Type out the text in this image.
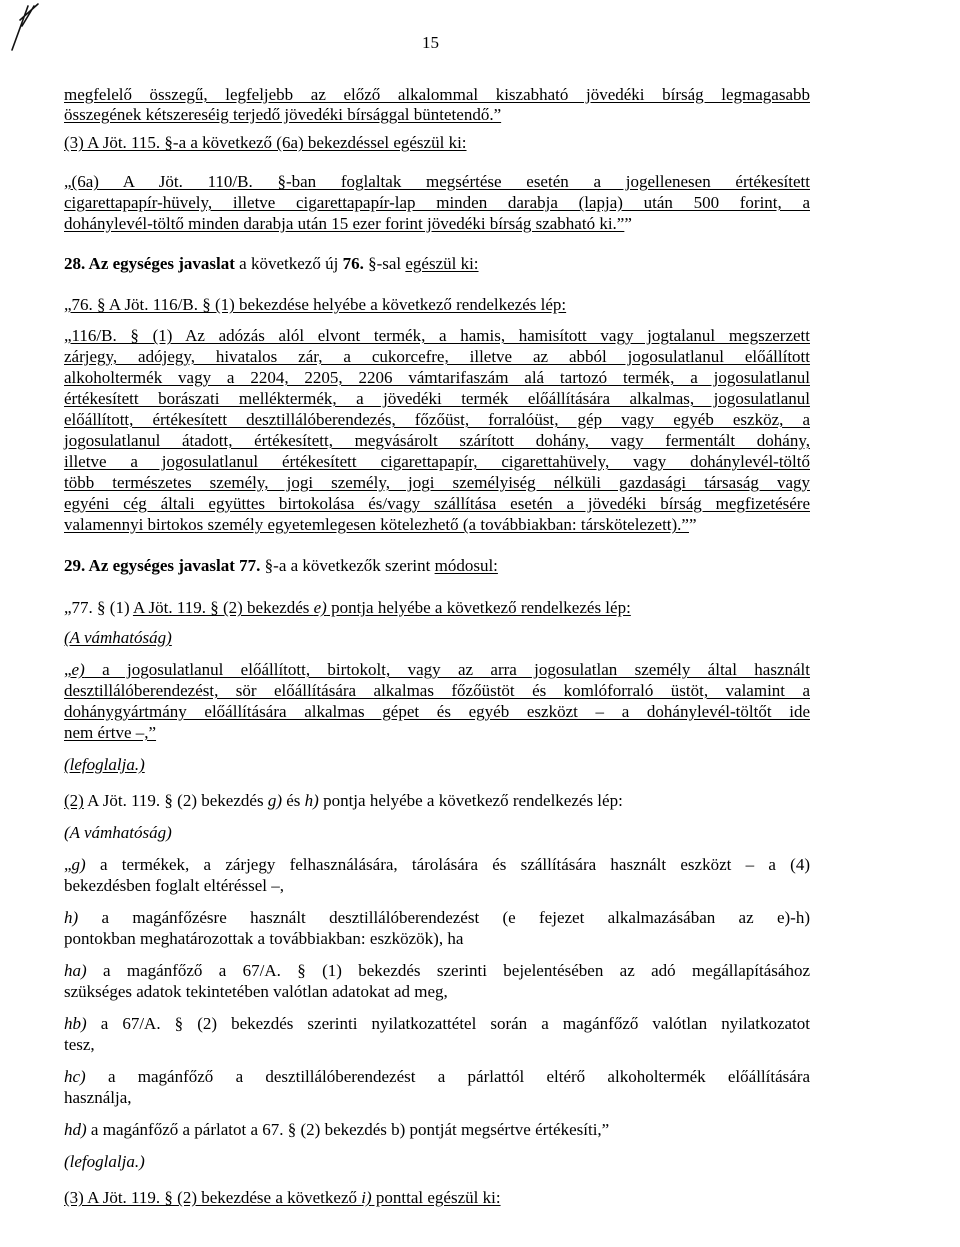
15
megfelelő összegű, legfeljebb az előző alkalommal kiszabható jövedéki bírság legmagasabb
összegének kétszereséig terjedő jövedéki bírsággal büntetendő.”
(3) A Jöt. 115. §-a a következő (6a) bekezdéssel egészül ki:
„(6a) A Jöt. 110/B. §-ban foglaltak megsértése esetén a jogellenesen értékesített
cigarettapapír-hüvely, illetve cigarettapapír-lap minden darabja (lapja) után 500 forint, a
dohánylevél-töltő minden darabja után 15 ezer forint jövedéki bírság szabható ki.””
28. Az egységes javaslat a következő új 76. §-sal egészül ki:
„76. § A Jöt. 116/B. § (1) bekezdése helyébe a következő rendelkezés lép:
„116/B. § (1) Az adózás alól elvont termék, a hamis, hamisított vagy jogtalanul megszerzett
zárjegy, adójegy, hivatalos zár, a cukorcefre, illetve az abból jogosulatlanul előállított
alkoholtermék vagy a 2204, 2205, 2206 vámtarifaszám alá tartozó termék, a jogosulatlanul
értékesített borászati melléktermék, a jövedéki termék előállítására alkalmas, jogosulatlanul
előállított, értékesített desztillálóberendezés, főzőüst, forralóüst, gép vagy egyéb eszköz, a
jogosulatlanul átadott, értékesített, megvásárolt szárított dohány, vagy fermentált dohány,
illetve a jogosulatlanul értékesített cigarettapapír, cigarettahüvely, vagy dohánylevél-töltő
több természetes személy, jogi személy, jogi személyiség nélküli gazdasági társaság vagy
egyéni cég általi együttes birtokolása és/vagy szállítása esetén a jövedéki bírság megfizetésére
valamennyi birtokos személy egyetemlegesen kötelezhető (a továbbiakban: társkötelezett).””
29. Az egységes javaslat 77. §-a a következők szerint módosul:
„77. § (1) A Jöt. 119. § (2) bekezdés e) pontja helyébe a következő rendelkezés lép:
(A vámhatóság)
„e) a jogosulatlanul előállított, birtokolt, vagy az arra jogosulatlan személy által használt
desztillálóberendezést, sör előállítására alkalmas főzőüstöt és komlóforraló üstöt, valamint a
dohánygyártmány előállítására alkalmas gépet és egyéb eszközt – a dohánylevél-töltőt ide
nem értve –,”
(lefoglalja.)
(2) A Jöt. 119. § (2) bekezdés g) és h) pontja helyébe a következő rendelkezés lép:
(A vámhatóság)
„g) a termékek, a zárjegy felhasználására, tárolására és szállítására használt eszközt – a (4)
bekezdésben foglalt eltéréssel –,
h) a magánfőzésre használt desztillálóberendezést (e fejezet alkalmazásában az e)-h)
pontokban meghatározottak a továbbiakban: eszközök), ha
ha) a magánfőző a 67/A. § (1) bekezdés szerinti bejelentésében az adó megállapításához
szükséges adatok tekintetében valótlan adatokat ad meg,
hb) a 67/A. § (2) bekezdés szerinti nyilatkozattétel során a magánfőző valótlan nyilatkozatot
tesz,
hc) a magánfőző a desztillálóberendezést a párlattól eltérő alkoholtermék előállítására
használja,
hd) a magánfőző a párlatot a 67. § (2) bekezdés b) pontját megsértve értékesíti,”
(lefoglalja.)
(3) A Jöt. 119. § (2) bekezdése a következő i) ponttal egészül ki:
